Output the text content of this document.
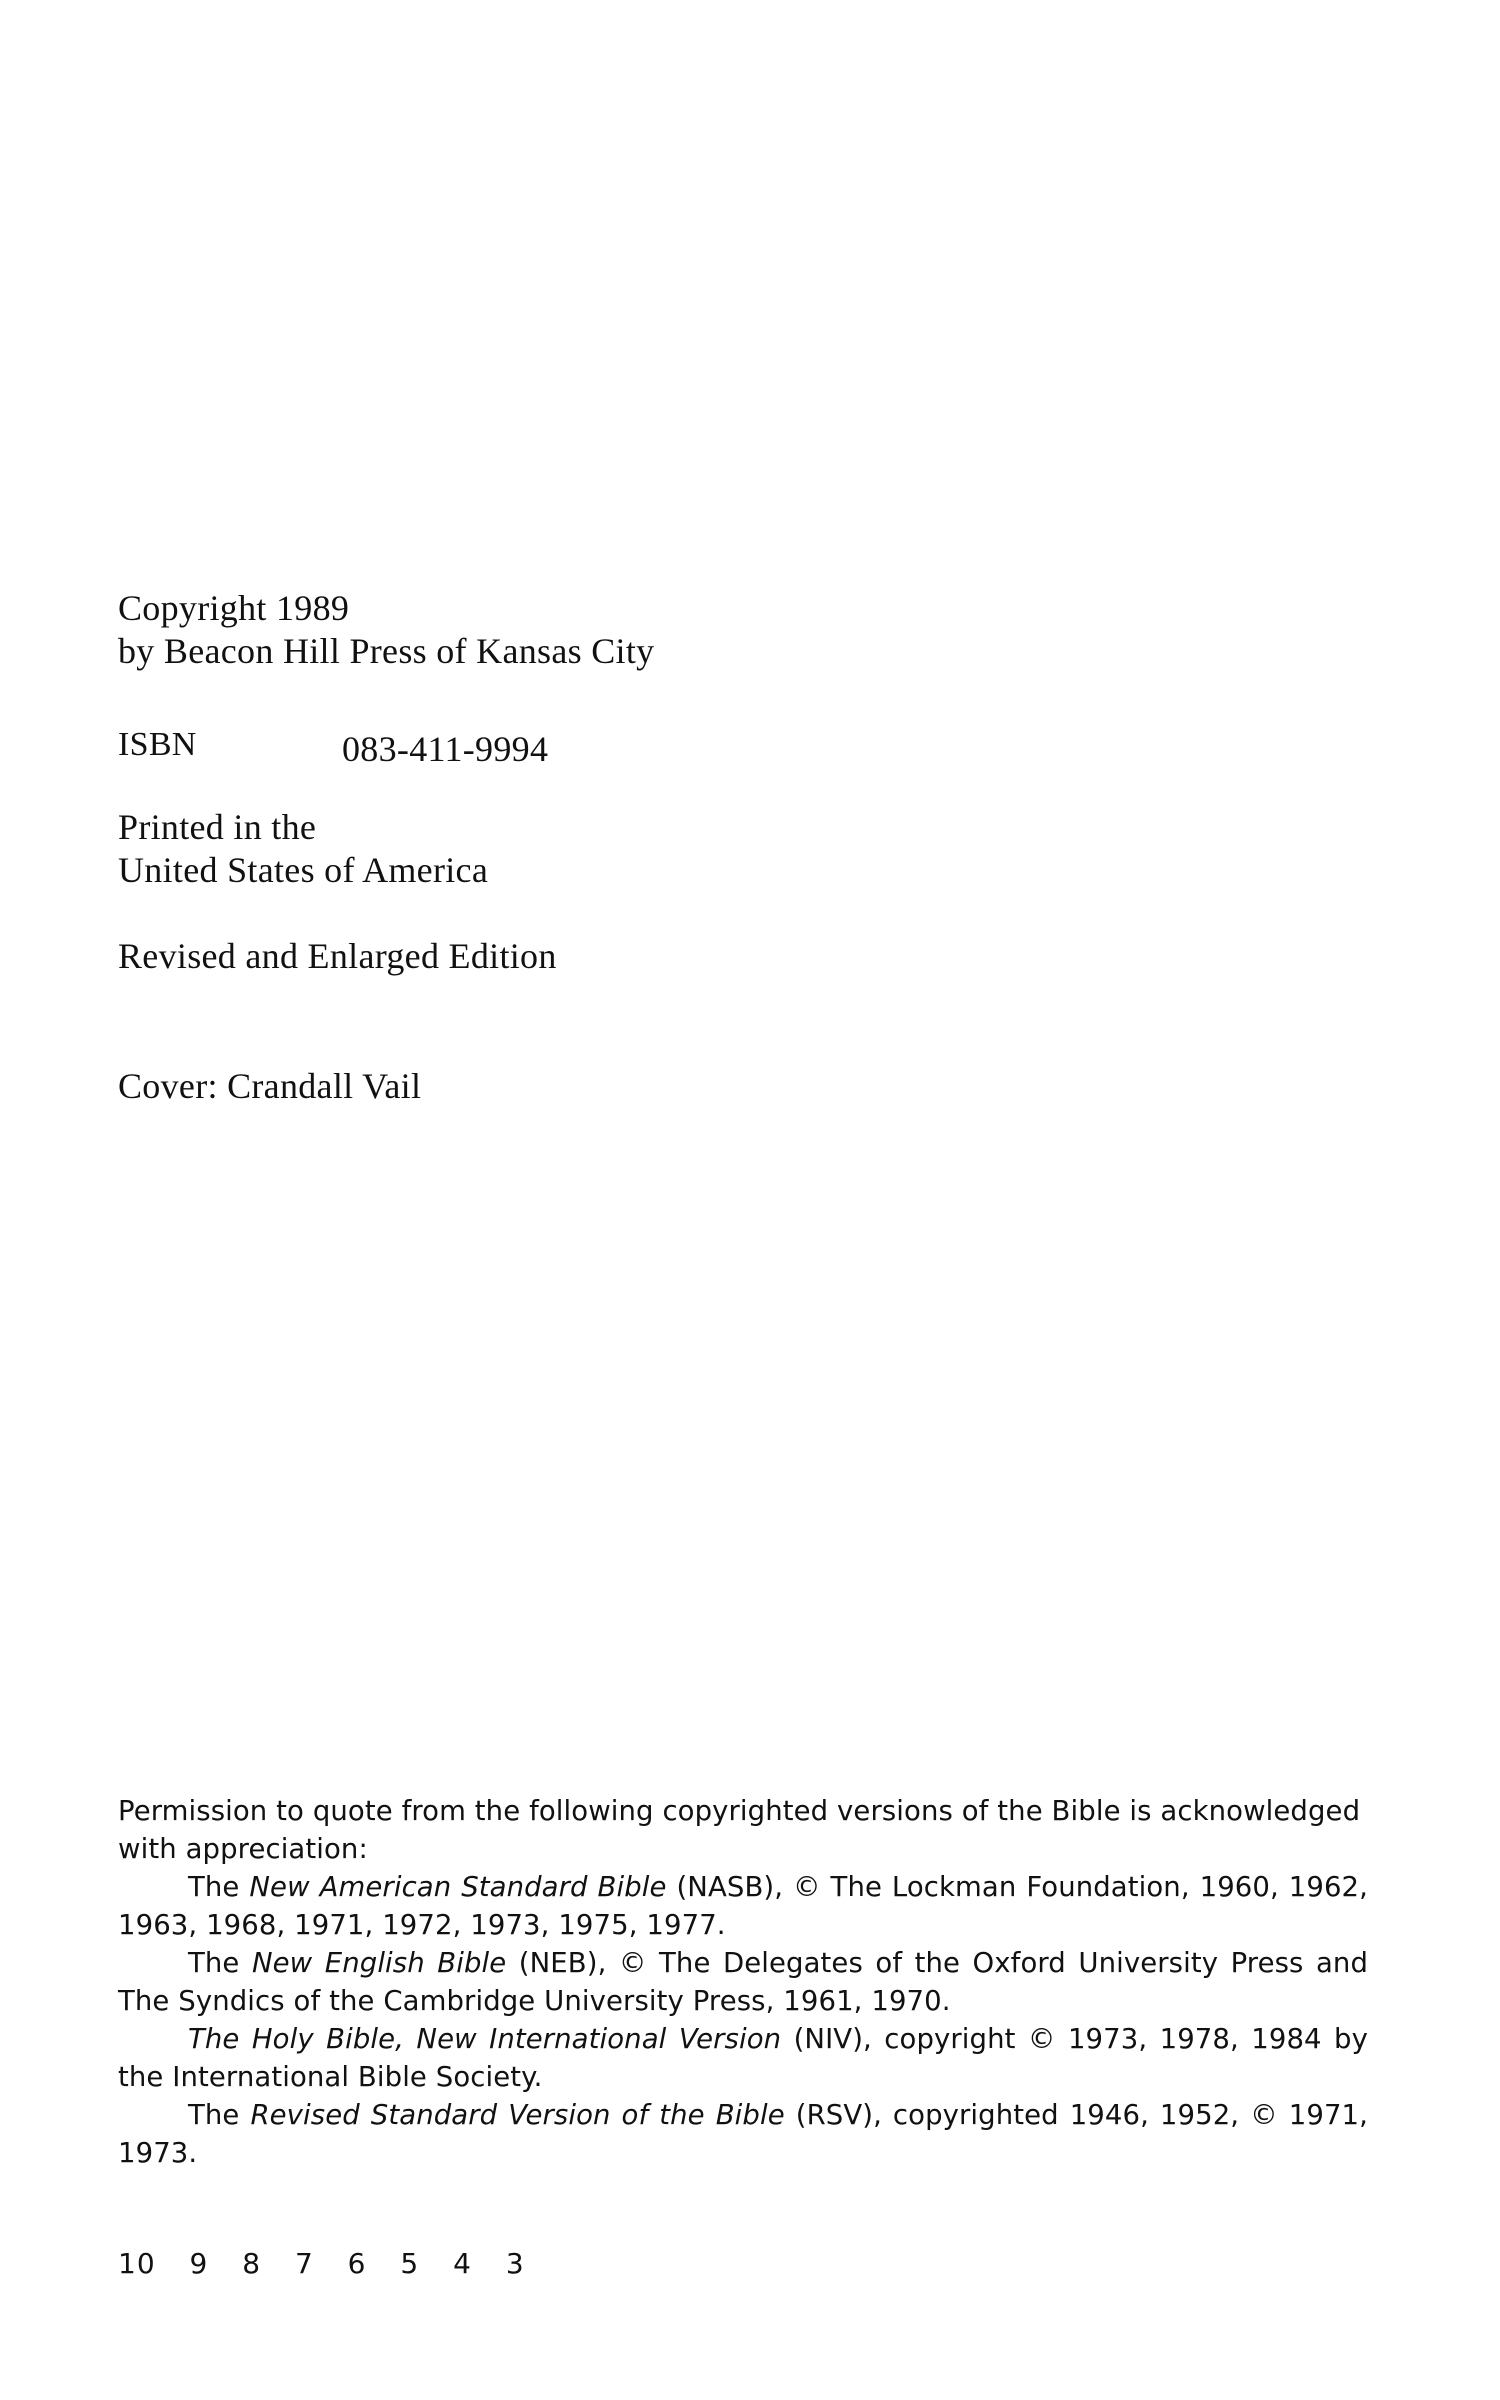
Copyright 1989
by Beacon Hill Press of Kansas City
ISBN	083-411-9994
Printed in the
United States of America
Revised and Enlarged Edition
Cover: Crandall Vail

Permission to quote from the following copyrighted versions of the Bible is acknowledged with appreciation:

The New American Standard Bible (NASB), © The Lockman Foundation, 1960, 1962, 1963, 1968, 1971, 1972, 1973, 1975, 1977.

The New English Bible (NEB), © The Delegates of the Oxford University Press and The Syndics of the Cambridge University Press, 1961, 1970.

The Holy Bible, New International Version (NIV), copyright © 1973, 1978, 1984 by the International Bible Society.

The Revised Standard Version of the Bible (RSV), copyrighted 1946, 1952, © 1971, 1973.

10 9 8 7 6 5 4 3
